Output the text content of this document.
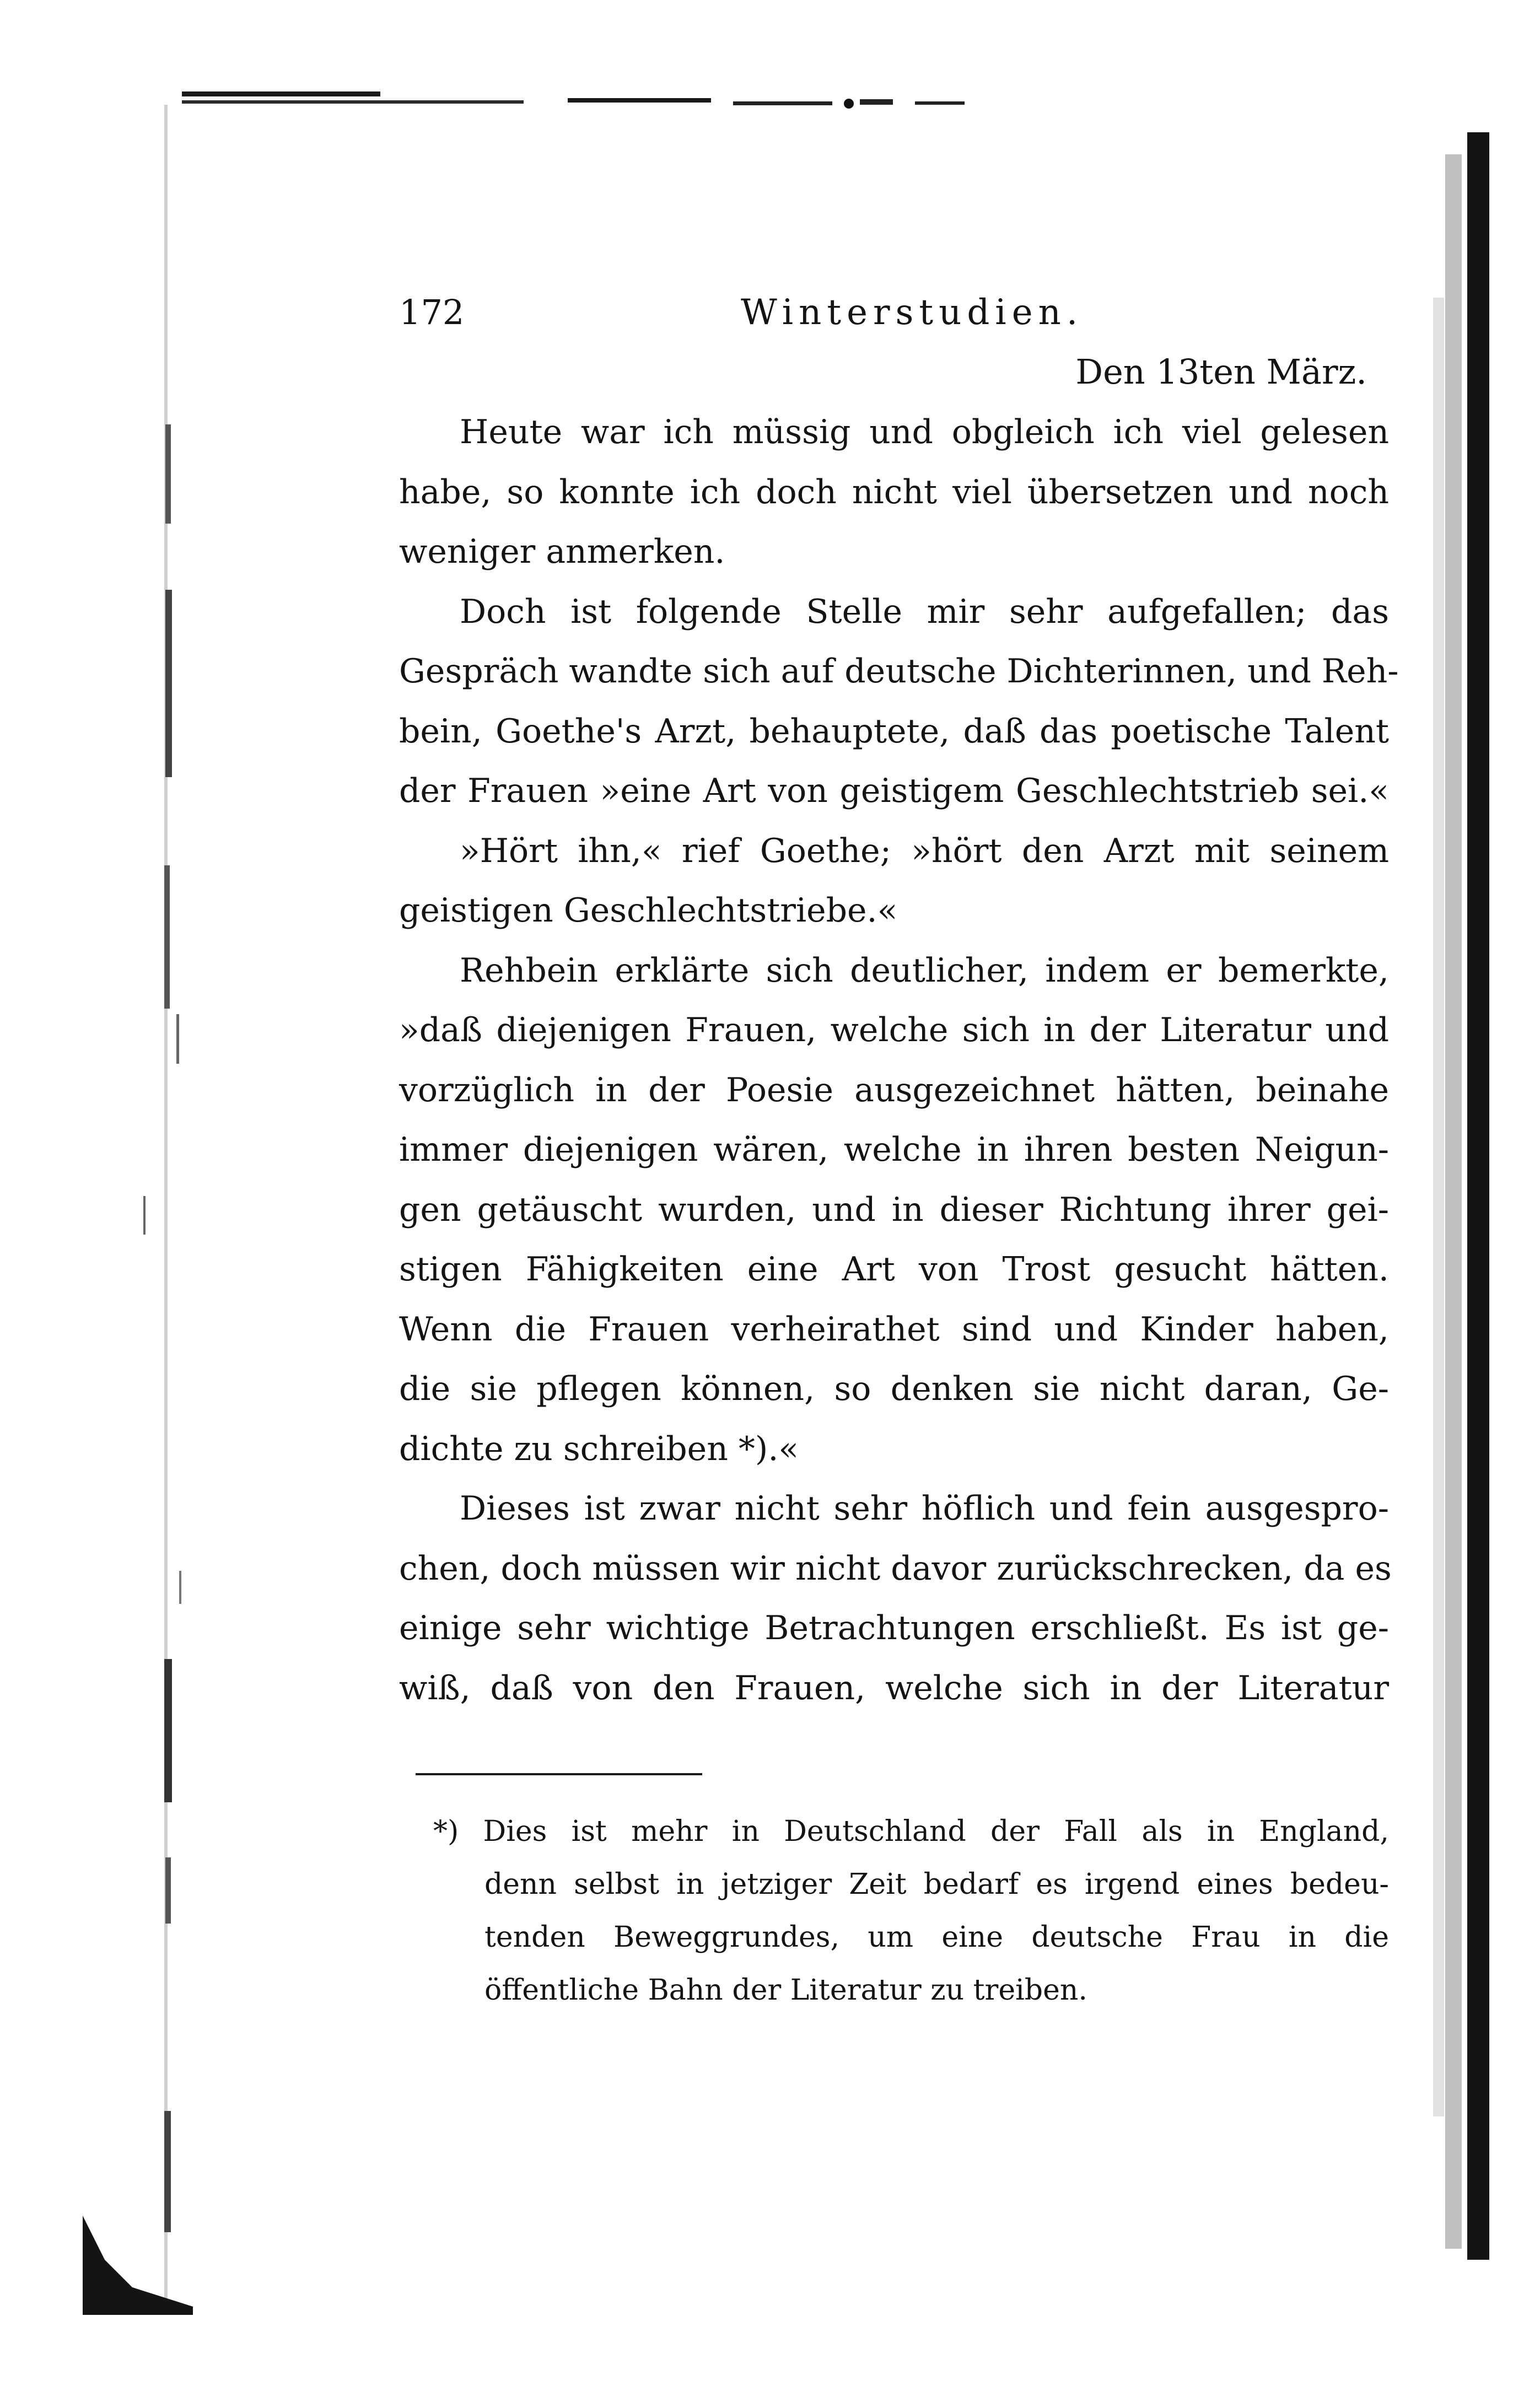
172	Winterstudien.
Den 13ten März.
Heute war ich müssig und obgleich ich viel gelesen
habe, so konnte ich doch nicht viel übersetzen und noch
weniger anmerken.
Doch ist folgende Stelle mir sehr aufgefallen; das
Gespräch wandte sich auf deutsche Dichterinnen, und Reh-
bein, Goethe's Arzt, behauptete, daß das poetische Talent
der Frauen »eine Art von geistigem Geschlechtstrieb sei.«
»Hört ihn,« rief Goethe; »hört den Arzt mit seinem
geistigen Geschlechtstriebe.«
Rehbein erklärte sich deutlicher, indem er bemerkte,
»daß diejenigen Frauen, welche sich in der Literatur und
vorzüglich in der Poesie ausgezeichnet hätten, beinahe
immer diejenigen wären, welche in ihren besten Neigun-
gen getäuscht wurden, und in dieser Richtung ihrer gei-
stigen Fähigkeiten eine Art von Trost gesucht hätten.
Wenn die Frauen verheirathet sind und Kinder haben,
die sie pflegen können, so denken sie nicht daran, Ge-
dichte zu schreiben *).«
Dieses ist zwar nicht sehr höflich und fein ausgespro-
chen, doch müssen wir nicht davor zurückschrecken, da es
einige sehr wichtige Betrachtungen erschließt. Es ist ge-
wiß, daß von den Frauen, welche sich in der Literatur
*) Dies ist mehr in Deutschland der Fall als in England,
denn selbst in jetziger Zeit bedarf es irgend eines bedeu-
tenden Beweggrundes, um eine deutsche Frau in die
öffentliche Bahn der Literatur zu treiben.
